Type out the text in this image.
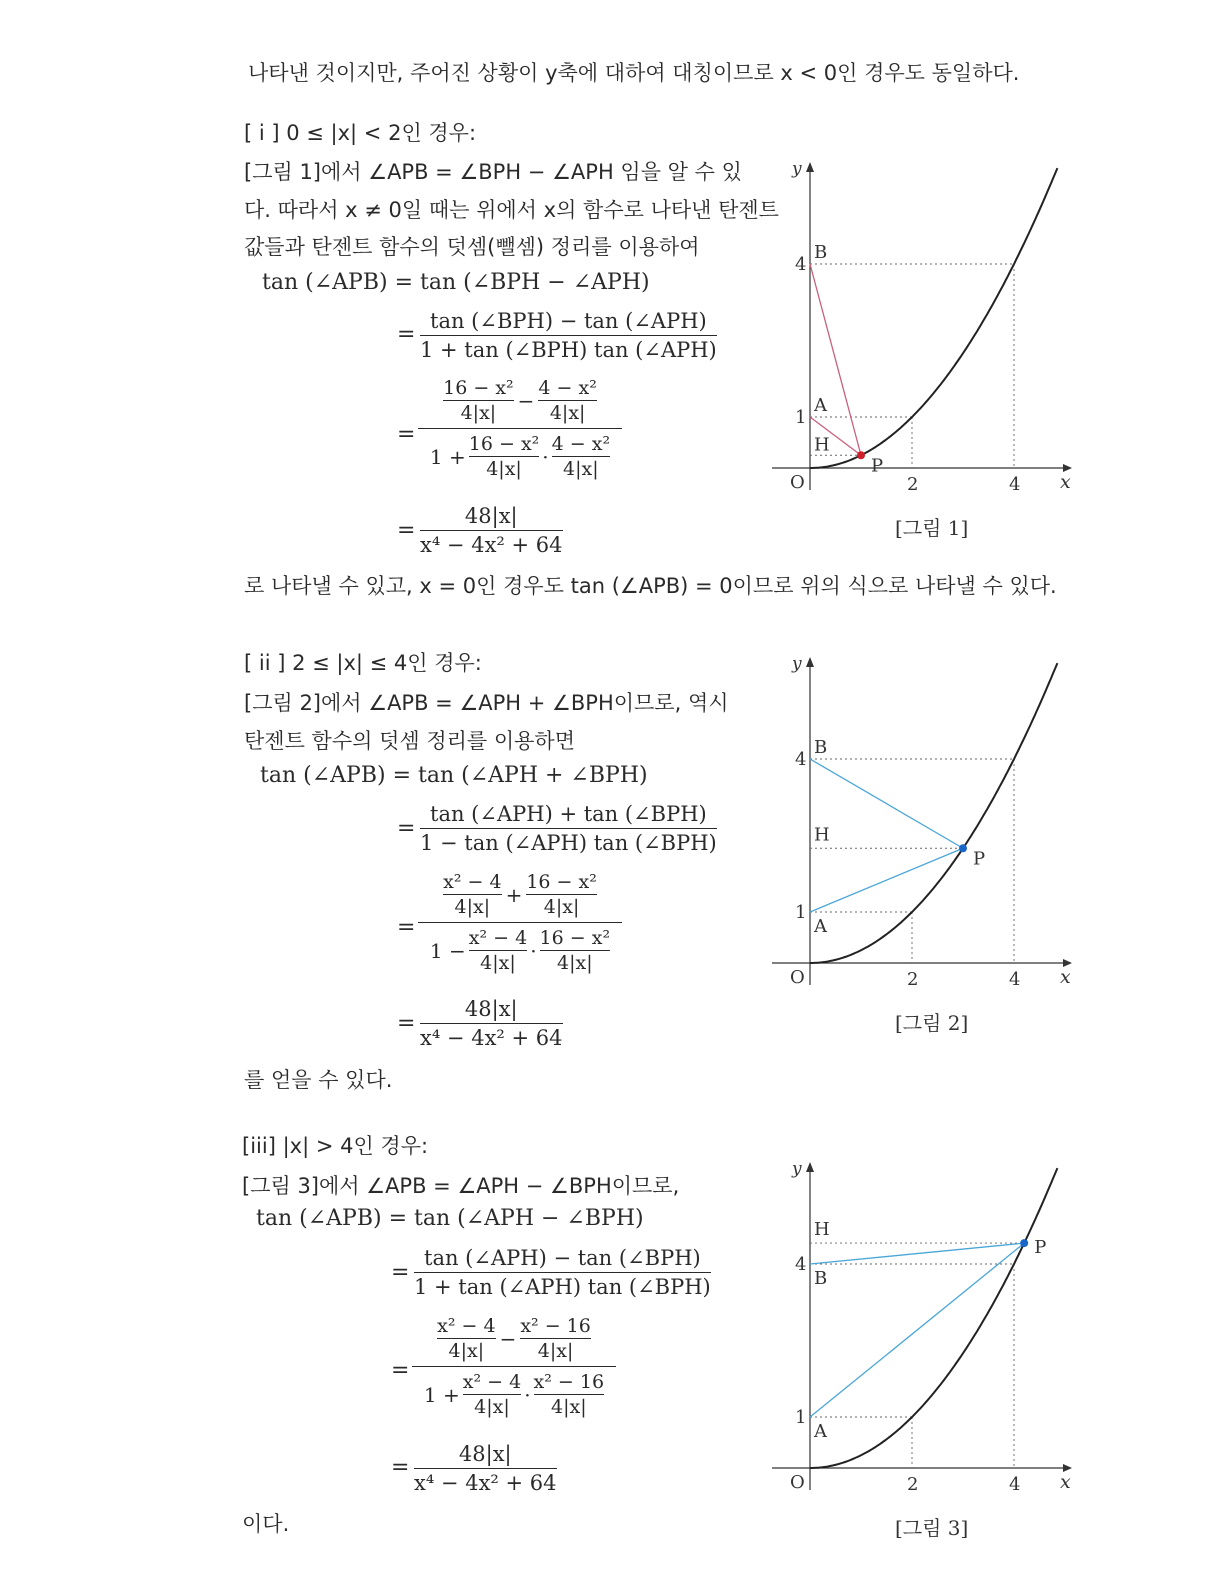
나타낸 것이지만, 주어진 상황이 y축에 대하여 대칭이므로 x < 0인 경우도 동일하다.
[ i ] 0 ≤ |x| < 2인 경우:
[그림 1]에서 ∠APB = ∠BPH − ∠APH 임을 알 수 있
다. 따라서 x ≠ 0일 때는 위에서 x의 함수로 나타낸 탄젠트
값들과 탄젠트 함수의 덧셈(뺄셈) 정리를 이용하여
tan (∠APB) = tan (∠BPH − ∠APH)
=
tan (∠BPH) − tan (∠APH)
1 + tan (∠BPH) tan (∠APH)
=
$\frac{\text{16 − x²}}{4|x|} - \frac{\text{4 − x²}}{4|x|}$
$1 + \frac{\text{16 − x²}}{4|x|} \cdot \frac{\text{4 − x²}}{4|x|}$
=
48|x|
x⁴ − 4x² + 64
로 나타낼 수 있고, x = 0인 경우도 tan (∠APB) = 0이므로 위의 식으로 나타낼 수 있다.
[ ii ] 2 ≤ |x| ≤ 4인 경우:
[그림 2]에서 ∠APB = ∠APH + ∠BPH이므로, 역시
탄젠트 함수의 덧셈 정리를 이용하면
tan (∠APB) = tan (∠APH + ∠BPH)
=
tan (∠APH) + tan (∠BPH)
1 − tan (∠APH) tan (∠BPH)
=
$\frac{\text{x² − 4}}{4|x|} + \frac{\text{16 − x²}}{4|x|}$
$1 - \frac{\text{x² − 4}}{4|x|} \cdot \frac{\text{16 − x²}}{4|x|}$
=
48|x|
x⁴ − 4x² + 64
를 얻을 수 있다.
[iii] |x| > 4인 경우:
[그림 3]에서 ∠APB = ∠APH − ∠BPH이므로,
tan (∠APB) = tan (∠APH − ∠BPH)
=
tan (∠APH) − tan (∠BPH)
1 + tan (∠APH) tan (∠BPH)
=
$\frac{\text{x² − 4}}{4|x|} - \frac{\text{x² − 16}}{4|x|}$
$1 + \frac{\text{x² − 4}}{4|x|} \cdot \frac{\text{x² − 16}}{4|x|}$
=
48|x|
x⁴ − 4x² + 64
이다.
x
y
O	2	4
1
4
A
B
H
P
[그림 1]
x
y
O	2	4
1
4
A
B
H
P
[그림 2]
x
y
O	2	4
1
4
A
B
H
P
[그림 3]
